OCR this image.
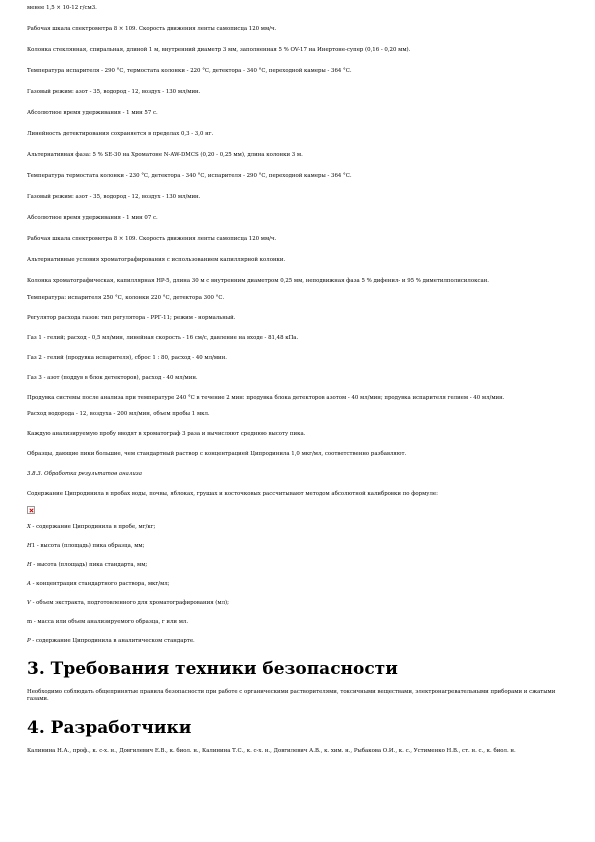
менее 1,5 × 10-12 г/см3.

Рабочая шкала спектрометра 8 × 109. Скорость движения ленты самописца 120 мм/ч.

Колонка стеклянная, спиральная, длиной 1 м, внутренний диаметр 3 мм, заполненная 5 % OV-17 на Инертоне-супер (0,16 - 0,20 мм).

Температура испарителя - 290 °С, термостата колонки - 220 °С, детектора - 340 °С, переходной камеры - 364 °С.

Газовый режим: азот - 35, водород - 12, воздух - 130 мл/мин.

Абсолютное время удерживания - 1 мин 57 с.

Линейность детектирования сохраняется в пределах 0,3 - 3,0 нг.

Альтернативная фаза: 5 % SE-30 на Хроматоне N-AW-DMCS (0,20 - 0,25 мм), длина колонки 3 м.

Температура термостата колонки - 230 °С, детектора - 340 °С, испарителя - 290 °С, переходной камеры - 364 °С.

Газовый режим: азот - 35, водород - 12, воздух - 130 мл/мин.

Абсолютное время удерживания - 1 мин 07 с.

Рабочая шкала спектрометра 8 × 109. Скорость движения ленты самописца 120 мм/ч.

Альтернативные условия хроматографирования с использованием капиллярной колонки.

Колонка хроматографическая, капиллярная HP-5, длина 30 м с внутренним диаметром 0,25 мм, неподвижная фаза 5 % дифенил- и 95 % диметилполисилоксан.

Температура: испарителя 250 °С, колонки 220 °С, детектора 300 °С.

Регулятор расхода газов: тип регулятора - РРГ-11; режим - нормальный.

Газ 1 - гелий; расход - 0,5 мл/мин, линейная скорость - 16 см/с, давление на входе - 81,48 кПа.

Газ 2 - гелий (продувка испарителя), сброс 1 : 80, расход - 40 мл/мин.

Газ 3 - азот (поддув в блок детекторов), расход - 40 мл/мин.

Продувка системы после анализа при температуре 240 °С в течение 2 мин: продувка блока детекторов азотом - 40 мл/мин; продувка испарителя гелием - 40 мл/мин.

Расход водорода - 12, воздуха - 200 мл/мин, объем пробы 1 мкл.

Каждую анализируемую пробу вводят в хроматограф 3 раза и вычисляют среднюю высоту пика.

Образцы, дающие пики большие, чем стандартный раствор с концентрацией Ципродинила 1,0 мкг/мл, соответственно разбавляют.

3.8.3. Обработка результатов анализа

Содержание Ципродинила в пробах воды, почвы, яблоках, грушах и косточковых рассчитывают методом абсолютной калибровки по формуле:

X - содержание Ципродинила в пробе, мг/кг;

H1 - высота (площадь) пика образца, мм;

H - высота (площадь) пика стандарта, мм;

A - концентрация стандартного раствора, мкг/мл;

V - объем экстракта, подготовленного для хроматографирования (мл);

m - масса или объем анализируемого образца, г или мл.

P - содержание Ципродинила в аналитическом стандарте.

3. Требования техники безопасности

Необходимо соблюдать общепринятые правила безопасности при работе с органическими растворителями, токсичными веществами, электронагревательными приборами и сжатыми газами.

4. Разработчики

Калинина Н.А., проф., к. с-х. н., Довгилевич Е.В., к. биол. н., Калинина Т.С., к. с-х. н., Довгилевич А.В., к. хим. н., Рыбакова О.И., к. с., Устименко Н.В., ст. н. с., к. биол. н.
